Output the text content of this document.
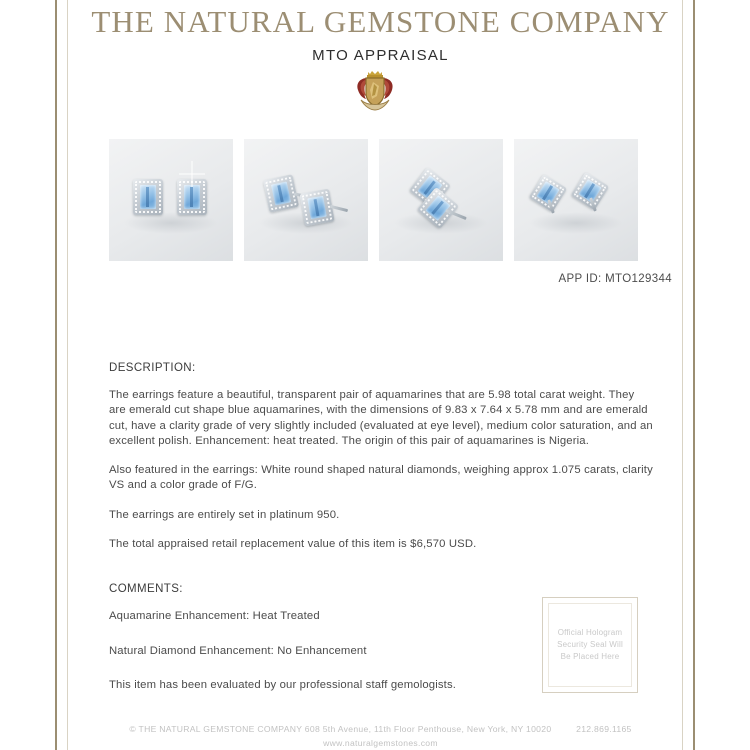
THE NATURAL GEMSTONE COMPANY
MTO APPRAISAL
APP ID: MTO129344

DESCRIPTION:

The earrings feature a beautiful, transparent pair of aquamarines that are 5.98 total carat weight. They are emerald cut shape blue aquamarines, with the dimensions of 9.83 x 7.64 x 5.78 mm and are emerald cut, have a clarity grade of very slightly included (evaluated at eye level), medium color saturation, and an excellent polish. Enhancement: heat treated. The origin of this pair of aquamarines is Nigeria.

Also featured in the earrings: White round shaped natural diamonds, weighing approx 1.075 carats, clarity VS and a color grade of F/G.

The earrings are entirely set in platinum 950.

The total appraised retail replacement value of this item is $6,570 USD.

COMMENTS:

Aquamarine Enhancement: Heat Treated

Natural Diamond Enhancement: No Enhancement

This item has been evaluated by our professional staff gemologists.

Official Hologram
Security Seal Will
Be Placed Here
© THE NATURAL GEMSTONE COMPANY 608 5th Avenue, 11th Floor Penthouse, New York, NY 10020	212.869.1165
www.naturalgemstones.com
